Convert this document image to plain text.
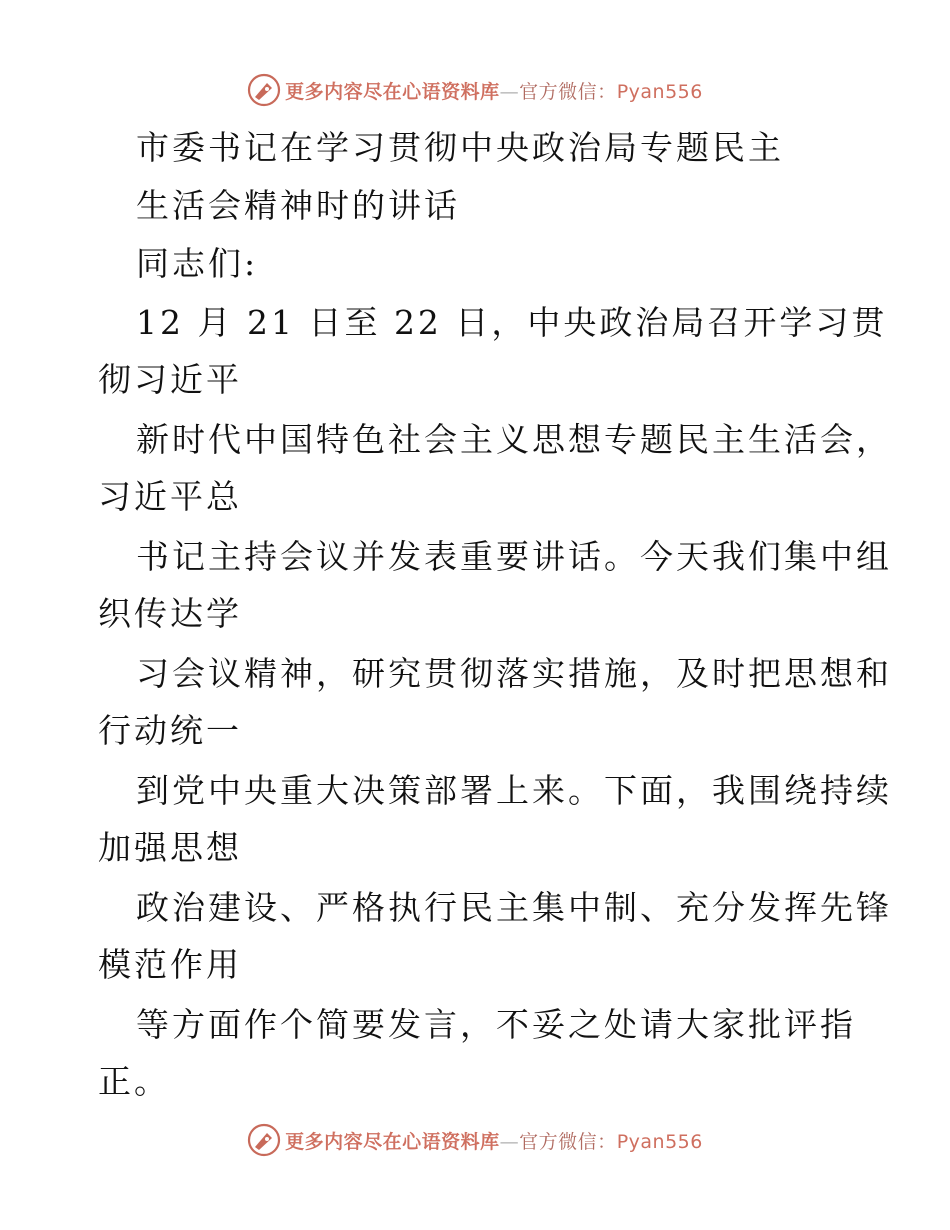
更多内容尽在心语资料库—官方微信：Pyan556
市委书记在学习贯彻中央政治局专题民主
生活会精神时的讲话
同志们:
12 月 21 日至 22 日，中央政治局召开学习贯
彻习近平
新时代中国特色社会主义思想专题民主生活会，
习近平总
书记主持会议并发表重要讲话。今天我们集中组
织传达学
习会议精神，研究贯彻落实措施，及时把思想和
行动统一
到党中央重大决策部署上来。下面，我围绕持续
加强思想
政治建设、严格执行民主集中制、充分发挥先锋
模范作用
等方面作个简要发言，不妥之处请大家批评指
正。
更多内容尽在心语资料库—官方微信：Pyan556
